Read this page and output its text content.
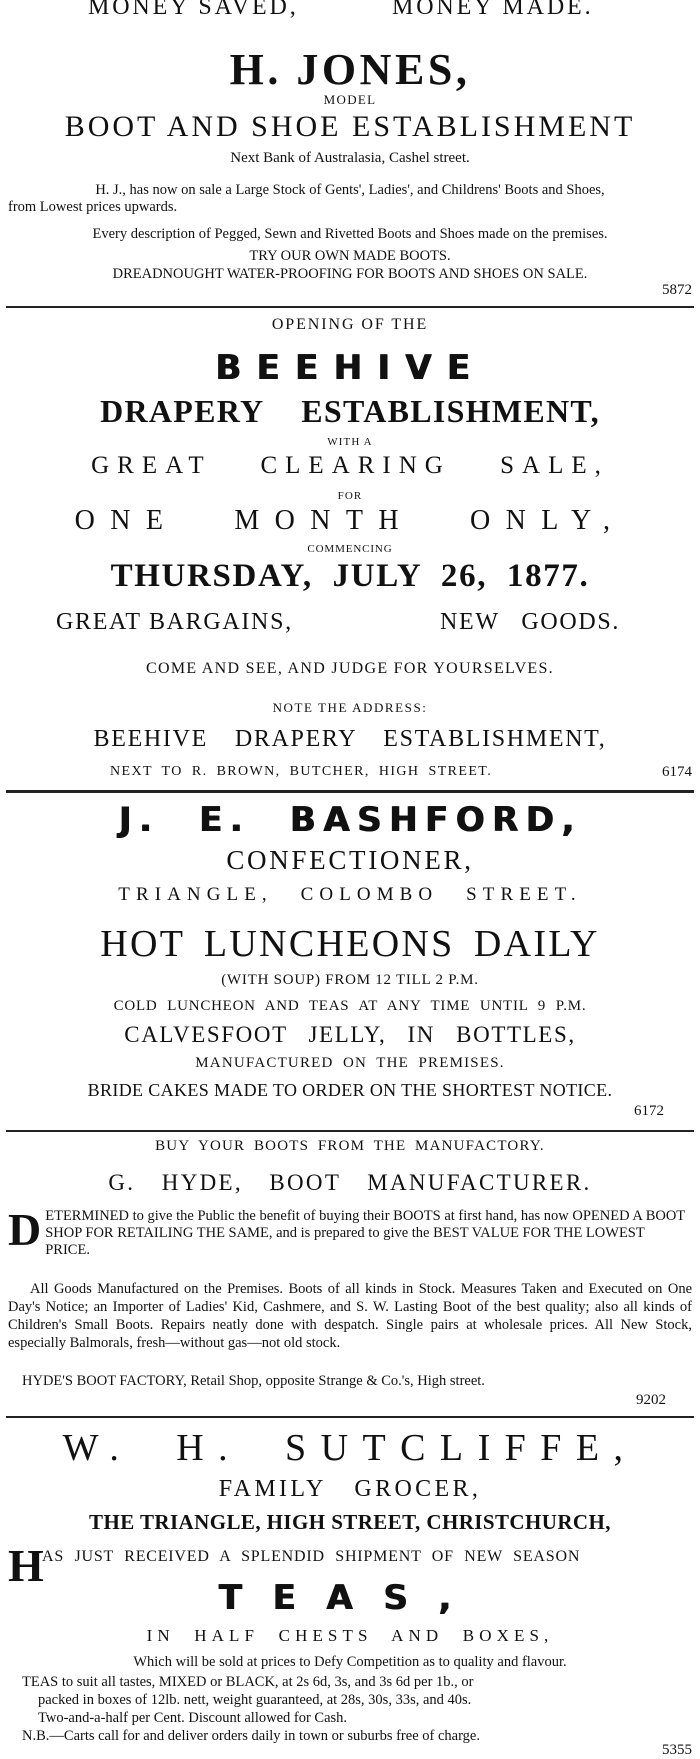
MONEY SAVED,	MONEY MADE.
H. JONES,
MODEL
BOOT AND SHOE ESTABLISHMENT
Next Bank of Australasia, Cashel street.
H. J., has now on sale a Large Stock of Gents', Ladies', and Childrens' Boots and Shoes,
from Lowest prices upwards.
Every description of Pegged, Sewn and Rivetted Boots and Shoes made on the premises.
TRY OUR OWN MADE BOOTS.
DREADNOUGHT WATER-PROOFING FOR BOOTS AND SHOES ON SALE.
5872
OPENING OF THE
BEEHIVE
DRAPERY ESTABLISHMENT,
WITH A
GREAT CLEARING SALE,
FOR
ONE MONTH ONLY,
COMMENCING
THURSDAY, JULY 26, 1877.
GREAT BARGAINS,	NEW GOODS.
COME AND SEE, AND JUDGE FOR YOURSELVES.
NOTE THE ADDRESS:
BEEHIVE DRAPERY ESTABLISHMENT,
NEXT TO R. BROWN, BUTCHER, HIGH STREET.	6174
J. E. BASHFORD,
CONFECTIONER,
TRIANGLE, COLOMBO STREET.
HOT LUNCHEONS DAILY
(WITH SOUP) FROM 12 TILL 2 P.M.
COLD LUNCHEON AND TEAS AT ANY TIME UNTIL 9 P.M.
CALVESFOOT JELLY, IN BOTTLES,
MANUFACTURED ON THE PREMISES.
BRIDE CAKES MADE TO ORDER ON THE SHORTEST NOTICE.
6172
BUY YOUR BOOTS FROM THE MANUFACTORY.
G. HYDE, BOOT MANUFACTURER.
D ETERMINED to give the Public the benefit of buying their BOOTS at first hand, has now OPENED A BOOT SHOP FOR RETAILING THE SAME, and is prepared to give the BEST VALUE FOR THE LOWEST PRICE.
All Goods Manufactured on the Premises. Boots of all kinds in Stock. Measures Taken and Executed on One Day's Notice; an Importer of Ladies' Kid, Cashmere, and S. W. Lasting Boot of the best quality; also all kinds of Children's Small Boots. Repairs neatly done with despatch. Single pairs at wholesale prices. All New Stock, especially Balmorals, fresh—without gas—not old stock.
HYDE'S BOOT FACTORY, Retail Shop, opposite Strange & Co.'s, High street.
9202
W. H. SUTCLIFFE,
FAMILY GROCER,
THE TRIANGLE, HIGH STREET, CHRISTCHURCH,
H
AS JUST RECEIVED A SPLENDID SHIPMENT OF NEW SEASON
TEAS,
IN HALF CHESTS AND BOXES,
Which will be sold at prices to Defy Competition as to quality and flavour.
TEAS to suit all tastes, MIXED or BLACK, at 2s 6d, 3s, and 3s 6d per 1b., or
packed in boxes of 12lb. nett, weight guaranteed, at 28s, 30s, 33s, and 40s.
Two-and-a-half per Cent. Discount allowed for Cash.
N.B.—Carts call for and deliver orders daily in town or suburbs free of charge.
5355
